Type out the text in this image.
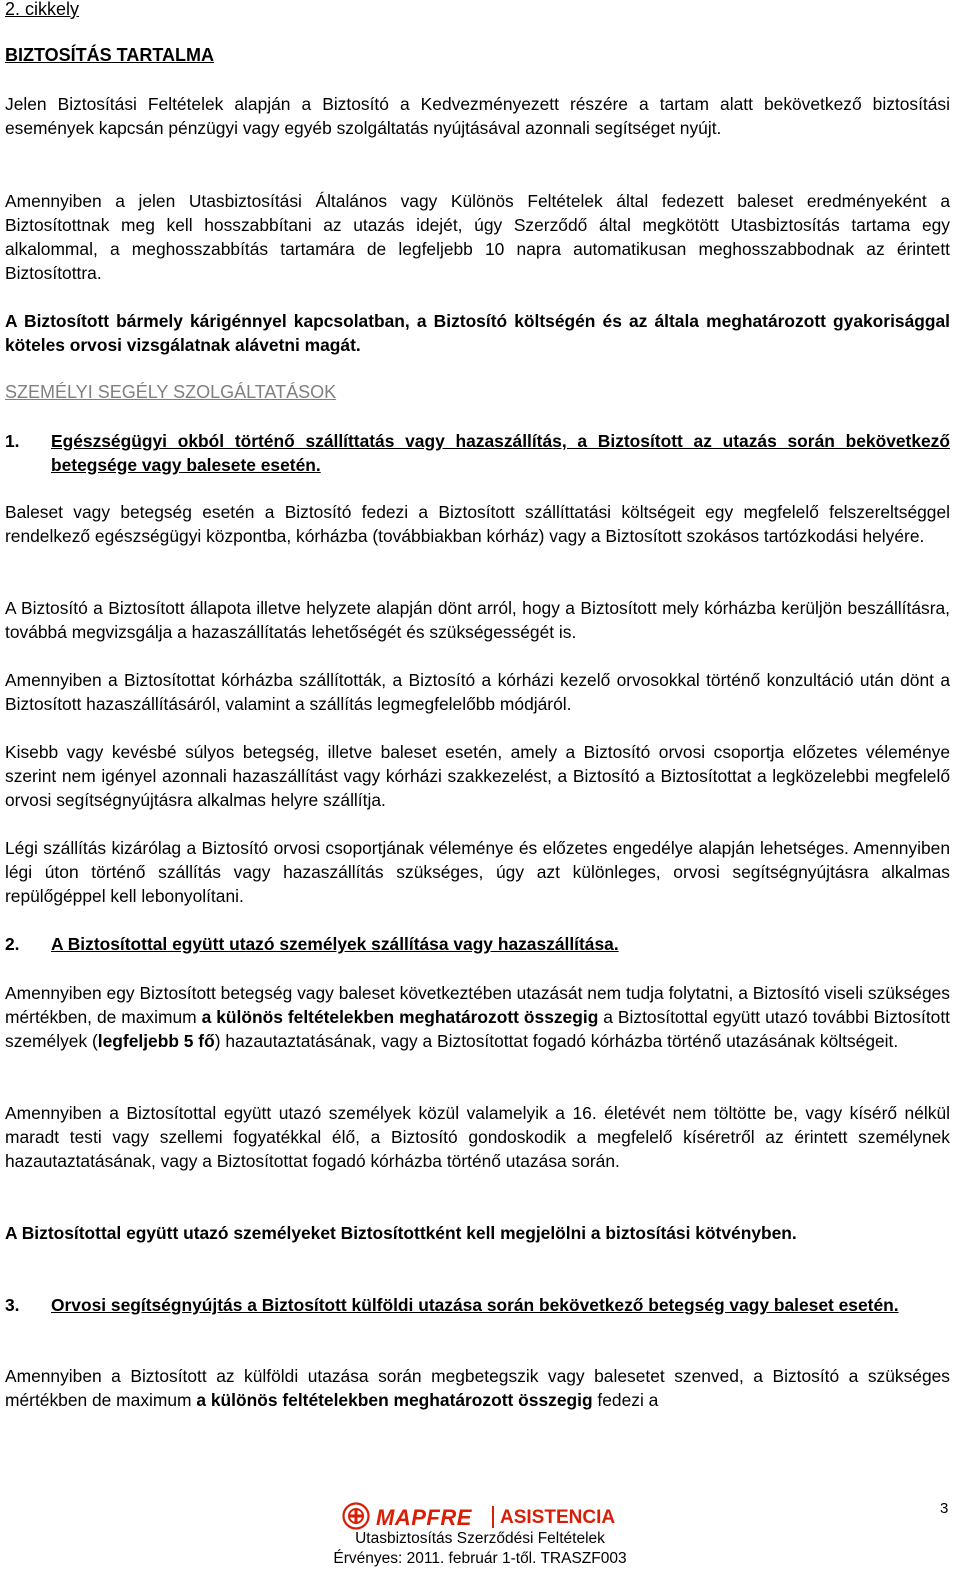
2. cikkely

BIZTOSÍTÁS TARTALMA

Jelen Biztosítási Feltételek alapján a Biztosító a Kedvezményezett részére a tartam alatt bekövetkező biztosítási események kapcsán pénzügyi vagy egyéb szolgáltatás nyújtásával azonnali segítséget nyújt.

Amennyiben a jelen Utasbiztosítási Általános vagy Különös Feltételek által fedezett baleset eredményeként a Biztosítottnak meg kell hosszabbítani az utazás idejét, úgy Szerződő által megkötött Utasbiztosítás tartama egy alkalommal, a meghosszabbítás tartamára de legfeljebb 10 napra automatikusan meghosszabbodnak az érintett Biztosítottra.

A Biztosított bármely kárigénnyel kapcsolatban, a Biztosító költségén és az általa meghatározott gyakorisággal köteles orvosi vizsgálatnak alávetni magát.

SZEMÉLYI SEGÉLY SZOLGÁLTATÁSOK

1. Egészségügyi okból történő szállíttatás vagy hazaszállítás, a Biztosított az utazás során bekövetkező betegsége vagy balesete esetén.

Baleset vagy betegség esetén a Biztosító fedezi a Biztosított szállíttatási költségeit egy megfelelő felszereltséggel rendelkező egészségügyi központba, kórházba (továbbiakban kórház) vagy a Biztosított szokásos tartózkodási helyére.

A Biztosító a Biztosított állapota illetve helyzete alapján dönt arról, hogy a Biztosított mely kórházba kerüljön beszállításra, továbbá megvizsgálja a hazaszállítatás lehetőségét és szükségességét is.

Amennyiben a Biztosítottat kórházba szállították, a Biztosító a kórházi kezelő orvosokkal történő konzultáció után dönt a Biztosított hazaszállításáról, valamint a szállítás legmegfelelőbb módjáról.

Kisebb vagy kevésbé súlyos betegség, illetve baleset esetén, amely a Biztosító orvosi csoportja előzetes véleménye szerint nem igényel azonnali hazaszállítást vagy kórházi szakkezelést, a Biztosító a Biztosítottat a legközelebbi megfelelő orvosi segítségnyújtásra alkalmas helyre szállítja.

Légi szállítás kizárólag a Biztosító orvosi csoportjának véleménye és előzetes engedélye alapján lehetséges. Amennyiben légi úton történő szállítás vagy hazaszállítás szükséges, úgy azt különleges, orvosi segítségnyújtásra alkalmas repülőgéppel kell lebonyolítani.

2. A Biztosítottal együtt utazó személyek szállítása vagy hazaszállítása.

Amennyiben egy Biztosított betegség vagy baleset következtében utazását nem tudja folytatni, a Biztosító viseli szükséges mértékben, de maximum a különös feltételekben meghatározott összegig a Biztosítottal együtt utazó további Biztosított személyek (legfeljebb 5 fő) hazautaztatásának, vagy a Biztosítottat fogadó kórházba történő utazásának költségeit.

Amennyiben a Biztosítottal együtt utazó személyek közül valamelyik a 16. életévét nem töltötte be, vagy kísérő nélkül maradt testi vagy szellemi fogyatékkal élő, a Biztosító gondoskodik a megfelelő kíséretről az érintett személynek hazautaztatásának, vagy a Biztosítottat fogadó kórházba történő utazása során.

A Biztosítottal együtt utazó személyeket Biztosítottként kell megjelölni a biztosítási kötvényben.

3. Orvosi segítségnyújtás a Biztosított külföldi utazása során bekövetkező betegség vagy baleset esetén.

Amennyiben a Biztosított az külföldi utazása során megbetegszik vagy balesetet szenved, a Biztosító a szükséges mértékben de maximum a különös feltételekben meghatározott összegig fedezi a

3
MAPFRE ASISTENCIA
Utasbiztosítás Szerződési Feltételek
Érvényes: 2011. február 1-től. TRASZF003
